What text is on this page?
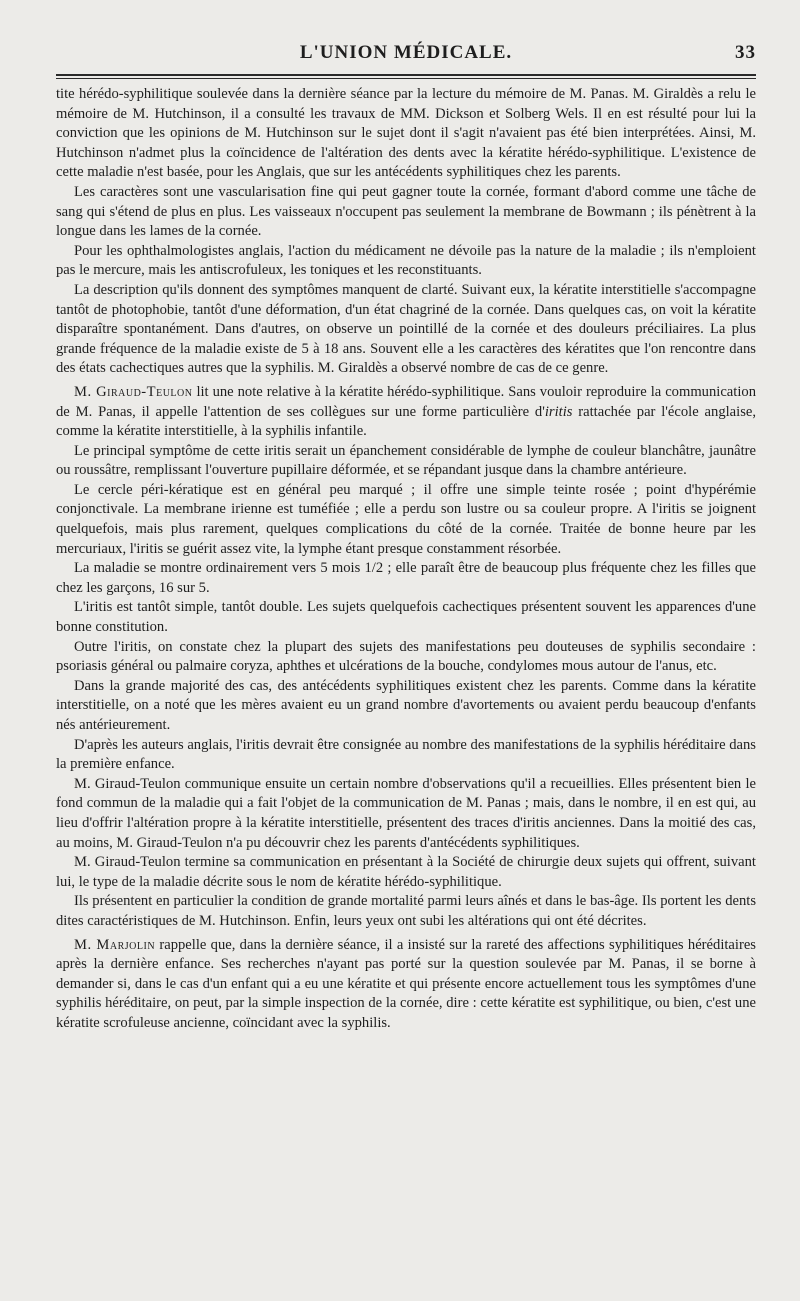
L'UNION MÉDICALE.	33

tite hérédo-syphilitique soulevée dans la dernière séance par la lecture du mémoire de M. Panas. M. Giraldès a relu le mémoire de M. Hutchinson, il a consulté les travaux de MM. Dickson et Solberg Wels. Il en est résulté pour lui la conviction que les opinions de M. Hutchinson sur le sujet dont il s'agit n'avaient pas été bien interprétées. Ainsi, M. Hutchinson n'admet plus la coïncidence de l'altération des dents avec la kératite hérédo-syphilitique. L'existence de cette maladie n'est basée, pour les Anglais, que sur les antécédents syphilitiques chez les parents.

Les caractères sont une vascularisation fine qui peut gagner toute la cornée, formant d'abord comme une tâche de sang qui s'étend de plus en plus. Les vaisseaux n'occupent pas seulement la membrane de Bowmann ; ils pénètrent à la longue dans les lames de la cornée.

Pour les ophthalmologistes anglais, l'action du médicament ne dévoile pas la nature de la maladie ; ils n'emploient pas le mercure, mais les antiscrofuleux, les toniques et les reconstituants.

La description qu'ils donnent des symptômes manquent de clarté. Suivant eux, la kératite interstitielle s'accompagne tantôt de photophobie, tantôt d'une déformation, d'un état chagriné de la cornée. Dans quelques cas, on voit la kératite disparaître spontanément. Dans d'autres, on observe un pointillé de la cornée et des douleurs préciliaires. La plus grande fréquence de la maladie existe de 5 à 18 ans. Souvent elle a les caractères des kératites que l'on rencontre dans des états cachectiques autres que la syphilis. M. Giraldès a observé nombre de cas de ce genre.

M. Giraud-Teulon lit une note relative à la kératite hérédo-syphilitique. Sans vouloir reproduire la communication de M. Panas, il appelle l'attention de ses collègues sur une forme particulière d'iritis rattachée par l'école anglaise, comme la kératite interstitielle, à la syphilis infantile.

Le principal symptôme de cette iritis serait un épanchement considérable de lymphe de couleur blanchâtre, jaunâtre ou roussâtre, remplissant l'ouverture pupillaire déformée, et se répandant jusque dans la chambre antérieure.

Le cercle péri-kératique est en général peu marqué ; il offre une simple teinte rosée ; point d'hypérémie conjonctivale. La membrane irienne est tuméfiée ; elle a perdu son lustre ou sa couleur propre. A l'iritis se joignent quelquefois, mais plus rarement, quelques complications du côté de la cornée. Traitée de bonne heure par les mercuriaux, l'iritis se guérit assez vite, la lymphe étant presque constamment résorbée.

La maladie se montre ordinairement vers 5 mois 1/2 ; elle paraît être de beaucoup plus fréquente chez les filles que chez les garçons, 16 sur 5.

L'iritis est tantôt simple, tantôt double. Les sujets quelquefois cachectiques présentent souvent les apparences d'une bonne constitution.

Outre l'iritis, on constate chez la plupart des sujets des manifestations peu douteuses de syphilis secondaire : psoriasis général ou palmaire coryza, aphthes et ulcérations de la bouche, condylomes mous autour de l'anus, etc.

Dans la grande majorité des cas, des antécédents syphilitiques existent chez les parents. Comme dans la kératite interstitielle, on a noté que les mères avaient eu un grand nombre d'avortements ou avaient perdu beaucoup d'enfants nés antérieurement.

D'après les auteurs anglais, l'iritis devrait être consignée au nombre des manifestations de la syphilis héréditaire dans la première enfance.

M. Giraud-Teulon communique ensuite un certain nombre d'observations qu'il a recueillies. Elles présentent bien le fond commun de la maladie qui a fait l'objet de la communication de M. Panas ; mais, dans le nombre, il en est qui, au lieu d'offrir l'altération propre à la kératite interstitielle, présentent des traces d'iritis anciennes. Dans la moitié des cas, au moins, M. Giraud-Teulon n'a pu découvrir chez les parents d'antécédents syphilitiques.

M. Giraud-Teulon termine sa communication en présentant à la Société de chirurgie deux sujets qui offrent, suivant lui, le type de la maladie décrite sous le nom de kératite hérédo-syphilitique.

Ils présentent en particulier la condition de grande mortalité parmi leurs aînés et dans le bas-âge. Ils portent les dents dites caractéristiques de M. Hutchinson. Enfin, leurs yeux ont subi les altérations qui ont été décrites.

M. Marjolin rappelle que, dans la dernière séance, il a insisté sur la rareté des affections syphilitiques héréditaires après la dernière enfance. Ses recherches n'ayant pas porté sur la question soulevée par M. Panas, il se borne à demander si, dans le cas d'un enfant qui a eu une kératite et qui présente encore actuellement tous les symptômes d'une syphilis héréditaire, on peut, par la simple inspection de la cornée, dire : cette kératite est syphilitique, ou bien, c'est une kératite scrofuleuse ancienne, coïncidant avec la syphilis.
